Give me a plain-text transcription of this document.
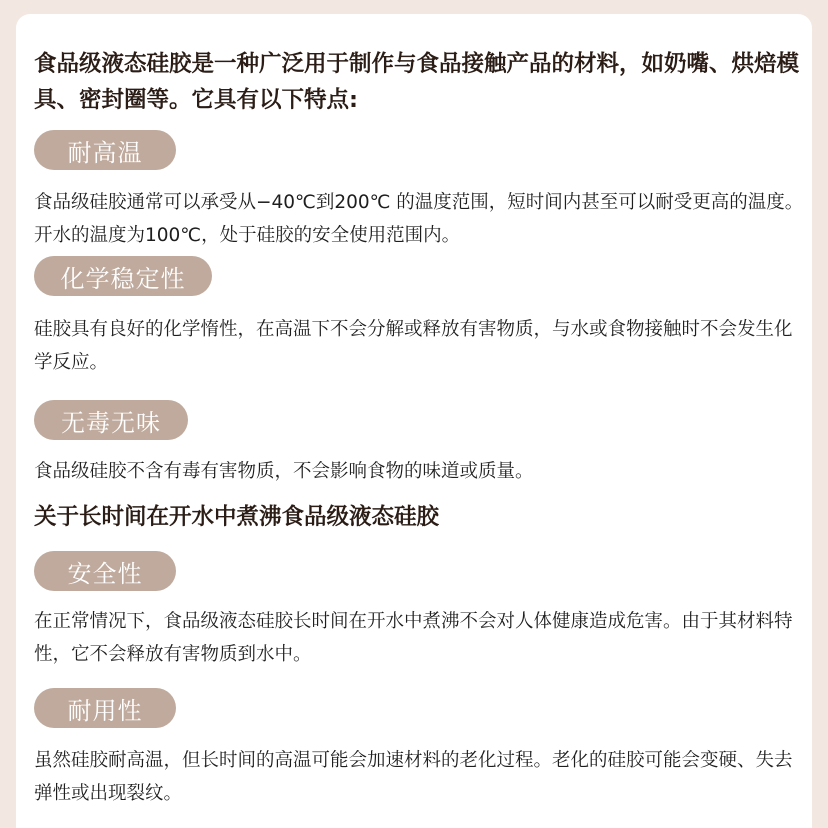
食品级液态硅胶是一种广泛用于制作与食品接触产品的材料，如奶嘴、烘焙模具、密封圈等。它具有以下特点:

耐高温

食品级硅胶通常可以承受从−40℃到200℃ 的温度范围，短时间内甚至可以耐受更高的温度。开水的温度为100℃，处于硅胶的安全使用范围内。

化学稳定性

硅胶具有良好的化学惰性，在高温下不会分解或释放有害物质，与水或食物接触时不会发生化学反应。

无毒无味

食品级硅胶不含有毒有害物质，不会影响食物的味道或质量。

关于长时间在开水中煮沸食品级液态硅胶

安全性

在正常情况下，食品级液态硅胶长时间在开水中煮沸不会对人体健康造成危害。由于其材料特性，它不会释放有害物质到水中。

耐用性

虽然硅胶耐高温，但长时间的高温可能会加速材料的老化过程。老化的硅胶可能会变硬、失去弹性或出现裂纹。
